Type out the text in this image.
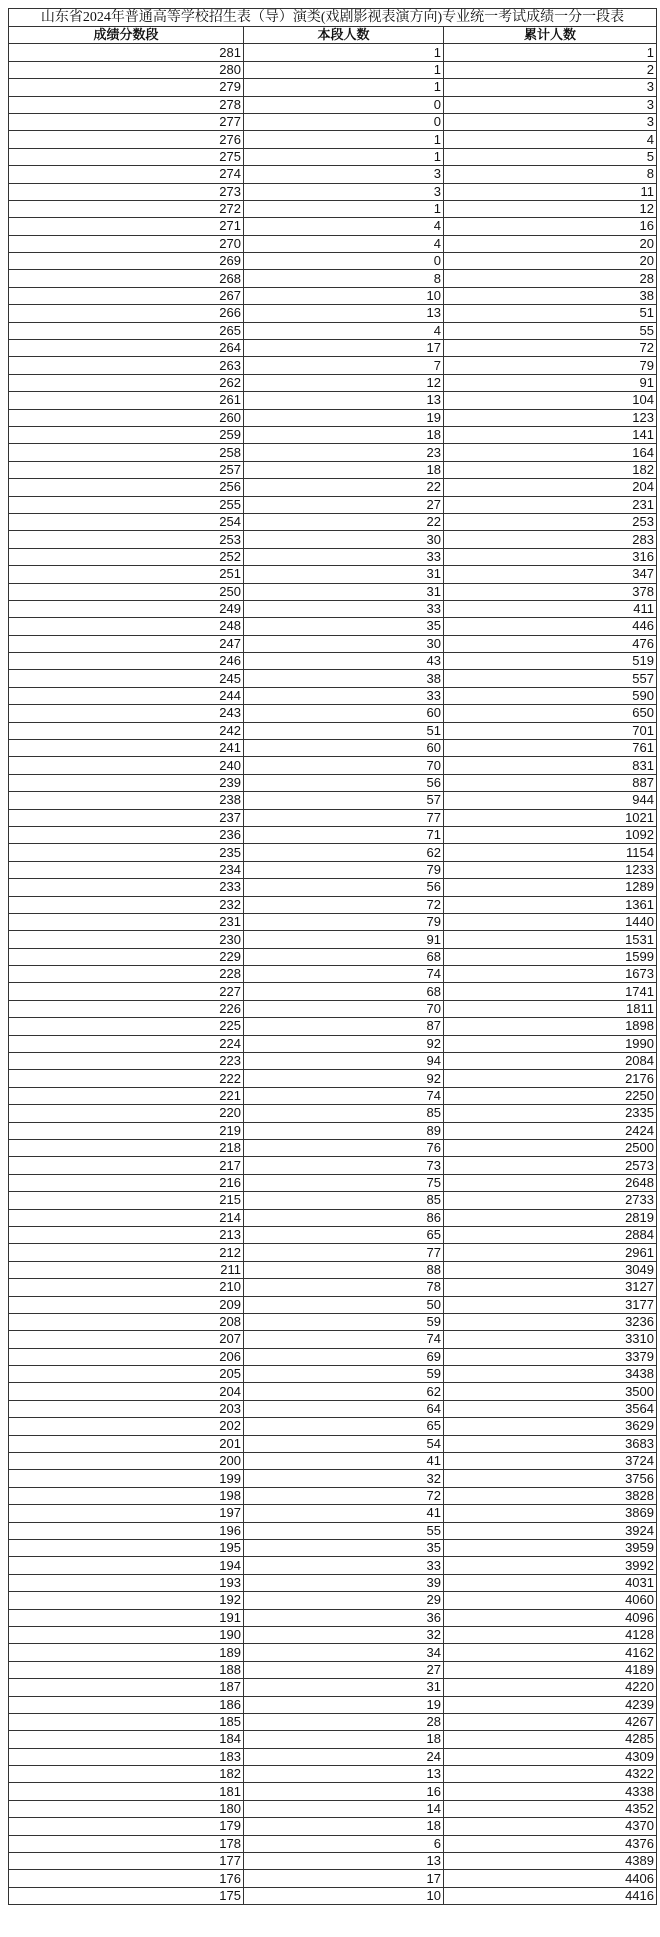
山东省2024年普通高等学校招生表（导）演类(戏剧影视表演方向)专业统一考试成绩一分一段表		
成绩分数段	本段人数	累计人数
281	1	1
280	1	2
279	1	3
278	0	3
277	0	3
276	1	4
275	1	5
274	3	8
273	3	11
272	1	12
271	4	16
270	4	20
269	0	20
268	8	28
267	10	38
266	13	51
265	4	55
264	17	72
263	7	79
262	12	91
261	13	104
260	19	123
259	18	141
258	23	164
257	18	182
256	22	204
255	27	231
254	22	253
253	30	283
252	33	316
251	31	347
250	31	378
249	33	411
248	35	446
247	30	476
246	43	519
245	38	557
244	33	590
243	60	650
242	51	701
241	60	761
240	70	831
239	56	887
238	57	944
237	77	1021
236	71	1092
235	62	1154
234	79	1233
233	56	1289
232	72	1361
231	79	1440
230	91	1531
229	68	1599
228	74	1673
227	68	1741
226	70	1811
225	87	1898
224	92	1990
223	94	2084
222	92	2176
221	74	2250
220	85	2335
219	89	2424
218	76	2500
217	73	2573
216	75	2648
215	85	2733
214	86	2819
213	65	2884
212	77	2961
211	88	3049
210	78	3127
209	50	3177
208	59	3236
207	74	3310
206	69	3379
205	59	3438
204	62	3500
203	64	3564
202	65	3629
201	54	3683
200	41	3724
199	32	3756
198	72	3828
197	41	3869
196	55	3924
195	35	3959
194	33	3992
193	39	4031
192	29	4060
191	36	4096
190	32	4128
189	34	4162
188	27	4189
187	31	4220
186	19	4239
185	28	4267
184	18	4285
183	24	4309
182	13	4322
181	16	4338
180	14	4352
179	18	4370
178	6	4376
177	13	4389
176	17	4406
175	10	4416
